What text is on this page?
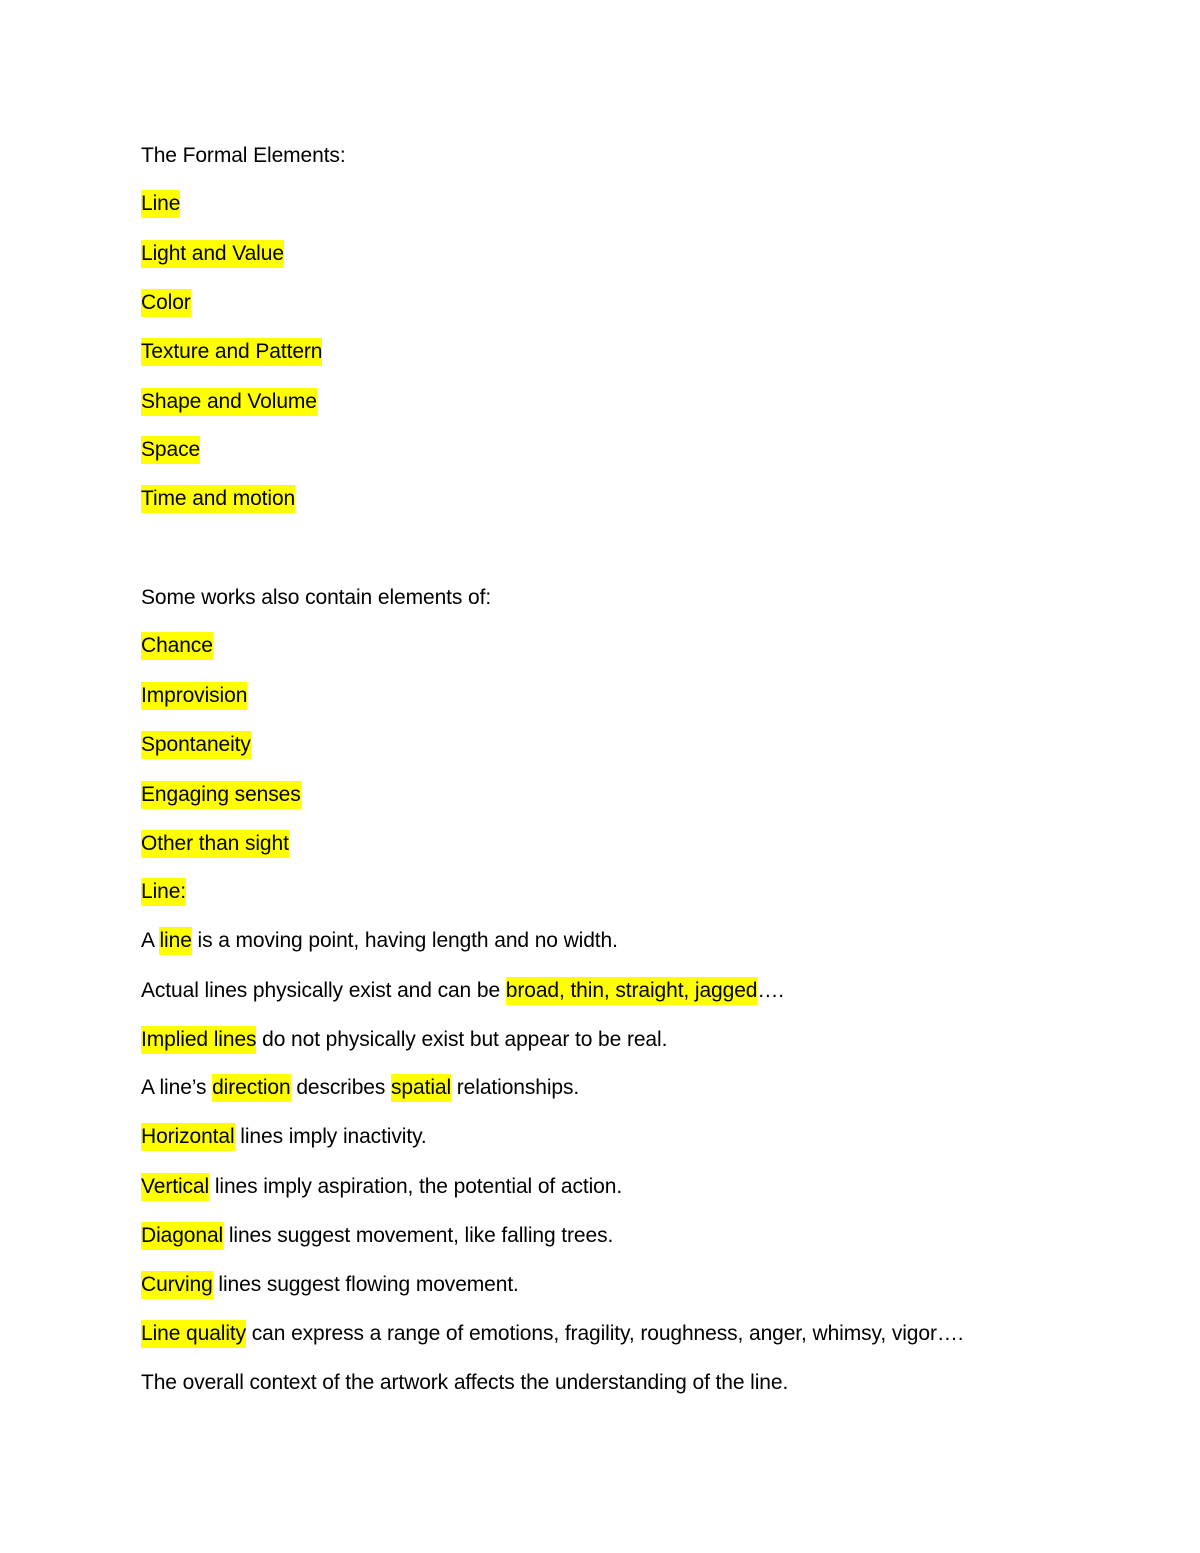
The Formal Elements:
Line
Light and Value
Color
Texture and Pattern
Shape and Volume
Space
Time and motion
Some works also contain elements of:
Chance
Improvision
Spontaneity
Engaging senses
Other than sight
Line:
A line is a moving point, having length and no width.
Actual lines physically exist and can be broad, thin, straight, jagged….
Implied lines do not physically exist but appear to be real.
A line’s direction describes spatial relationships.
Horizontal lines imply inactivity.
Vertical lines imply aspiration, the potential of action.
Diagonal lines suggest movement, like falling trees.
Curving lines suggest flowing movement.
Line quality can express a range of emotions, fragility, roughness, anger, whimsy, vigor….
The overall context of the artwork affects the understanding of the line.
